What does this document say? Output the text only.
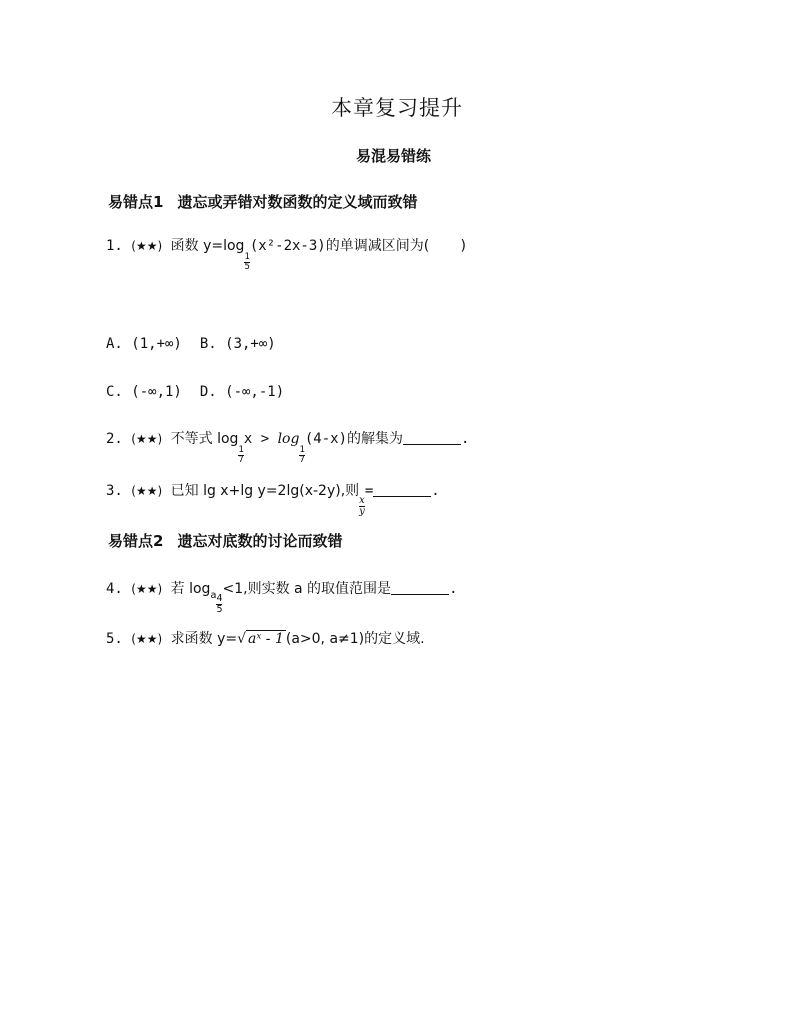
本章复习提升
易混易错练
易错点1 遗忘或弄错对数函数的定义域而致错
1. (★★) 函数 y=log
$\frac{1}{5}$
(x²-2x-3)的单调减区间为( )
A. (1,+∞) B. (3,+∞)
C. (-∞,1) D. (-∞,-1)
2. (★★) 不等式 log
$\frac{1}{7}$
x > log
$\frac{1}{7}$
(4-x)的解集为	.
3. (★★) 已知 lg x+lg y=2lg(x-2y),则
$\frac{x}{y}$
=	.
易错点2 遗忘对底数的讨论而致错
4. (★★) 若 $\log_a \frac{4}{5}$
<1,则实数 a 的取值范围是	.
5. (★★) 求函数 y=√ aˣ - 1 (a>0, a≠1)的定义域.
